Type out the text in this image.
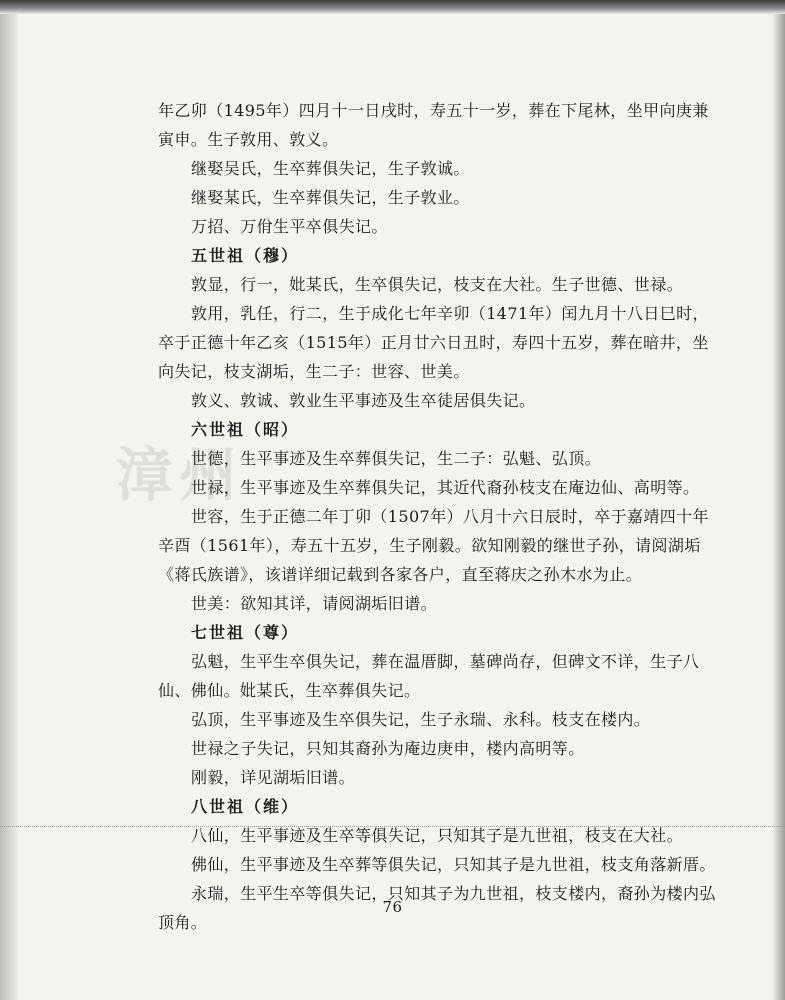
漳州

年乙卯（1495年）四月十一日戌时，寿五十一岁，葬在下尾林，坐甲向庚兼寅申。生子敦用、敦义。

继娶吴氏，生卒葬俱失记，生子敦诚。

继娶某氏，生卒葬俱失记，生子敦业。

万招、万佾生平卒俱失记。

五世祖（穆）

敦显，行一，妣某氏，生卒俱失记，枝支在大社。生子世德、世禄。

敦用，乳任，行二，生于成化七年辛卯（1471年）闰九月十八日巳时，卒于正德十年乙亥（1515年）正月廿六日丑时，寿四十五岁，葬在暗井，坐向失记，枝支湖垢，生二子：世容、世美。

敦义、敦诚、敦业生平事迹及生卒徒居俱失记。

六世祖（昭）

世德，生平事迹及生卒葬俱失记，生二子：弘魁、弘顶。

世禄，生平事迹及生卒葬俱失记，其近代裔孙枝支在庵边仙、高明等。

世容，生于正德二年丁卯（1507年）八月十六日辰时，卒于嘉靖四十年辛酉（1561年），寿五十五岁，生子刚毅。欲知刚毅的继世子孙，请阅湖垢《蒋氏族谱》，该谱详细记载到各家各户，直至蒋庆之孙木水为止。

世美：欲知其详，请阅湖垢旧谱。

七世祖（尊）

弘魁，生平生卒俱失记，葬在温厝脚，墓碑尚存，但碑文不详，生子八仙、佛仙。妣某氏，生卒葬俱失记。

弘顶，生平事迹及生卒俱失记，生子永瑞、永科。枝支在楼内。

世禄之子失记，只知其裔孙为庵边庚申，楼内高明等。

刚毅，详见湖垢旧谱。

八世祖（维）

八仙，生平事迹及生卒等俱失记，只知其子是九世祖，枝支在大社。

佛仙，生平事迹及生卒葬等俱失记，只知其子是九世祖，枝支角落新厝。

永瑞，生平生卒等俱失记，只知其子为九世祖，枝支楼内，裔孙为楼内弘顶角。

76
